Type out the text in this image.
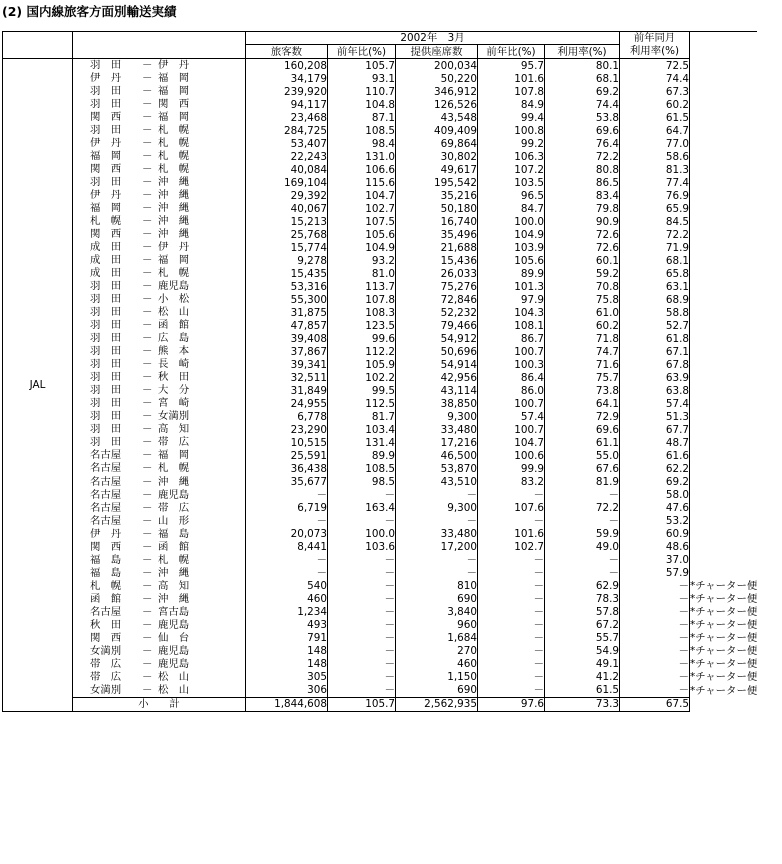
(2) 国内線旅客方面別輸送実績
		2002年　3月					前年同月	
		旅客数	前年比(%)	提供座席数	前年比(%)	利用率(%)	利用率(%)	
JAL	羽　田 － 伊　丹	160,208	105.7	200,034	95.7	80.1	72.5	

伊　丹 － 福　岡	34,179	93.1	50,220	101.6	68.1	74.4	

羽　田 － 福　岡	239,920	110.7	346,912	107.8	69.2	67.3	

羽　田 － 関　西	94,117	104.8	126,526	84.9	74.4	60.2	

関　西 － 福　岡	23,468	87.1	43,548	99.4	53.8	61.5	

羽　田 － 札　幌	284,725	108.5	409,409	100.8	69.6	64.7	

伊　丹 － 札　幌	53,407	98.4	69,864	99.2	76.4	77.0	

福　岡 － 札　幌	22,243	131.0	30,802	106.3	72.2	58.6	

関　西 － 札　幌	40,084	106.6	49,617	107.2	80.8	81.3	

羽　田 － 沖　縄	169,104	115.6	195,542	103.5	86.5	77.4	

伊　丹 － 沖　縄	29,392	104.7	35,216	96.5	83.4	76.9	

福　岡 － 沖　縄	40,067	102.7	50,180	84.7	79.8	65.9	

札　幌 － 沖　縄	15,213	107.5	16,740	100.0	90.9	84.5	

関　西 － 沖　縄	25,768	105.6	35,496	104.9	72.6	72.2	

成　田 － 伊　丹	15,774	104.9	21,688	103.9	72.6	71.9	

成　田 － 福　岡	9,278	93.2	15,436	105.6	60.1	68.1	

成　田 － 札　幌	15,435	81.0	26,033	89.9	59.2	65.8	

羽　田 － 鹿児島	53,316	113.7	75,276	101.3	70.8	63.1	

羽　田 － 小　松	55,300	107.8	72,846	97.9	75.8	68.9	

羽　田 － 松　山	31,875	108.3	52,232	104.3	61.0	58.8	

羽　田 － 函　館	47,857	123.5	79,466	108.1	60.2	52.7	

羽　田 － 広　島	39,408	99.6	54,912	86.7	71.8	61.8	

羽　田 － 熊　本	37,867	112.2	50,696	100.7	74.7	67.1	

羽　田 － 長　崎	39,341	105.9	54,914	100.3	71.6	67.8	

羽　田 － 秋　田	32,511	102.2	42,956	86.4	75.7	63.9	

羽　田 － 大　分	31,849	99.5	43,114	86.0	73.8	63.8	

羽　田 － 宮　崎	24,955	112.5	38,850	100.7	64.1	57.4	

羽　田 － 女満別	6,778	81.7	9,300	57.4	72.9	51.3	

羽　田 － 高　知	23,290	103.4	33,480	100.7	69.6	67.7	

羽　田 － 帯　広	10,515	131.4	17,216	104.7	61.1	48.7	

名古屋 － 福　岡	25,591	89.9	46,500	100.6	55.0	61.6	

名古屋 － 札　幌	36,438	108.5	53,870	99.9	67.6	62.2	

名古屋 － 沖　縄	35,677	98.5	43,510	83.2	81.9	69.2	

名古屋 － 鹿児島	－	－	－	－	－	58.0	

名古屋 － 帯　広	6,719	163.4	9,300	107.6	72.2	47.6	

名古屋 － 山　形	－	－	－	－	－	53.2	

伊　丹 － 福　島	20,073	100.0	33,480	101.6	59.9	60.9	

関　西 － 函　館	8,441	103.6	17,200	102.7	49.0	48.6	

福　島 － 札　幌	－	－	－	－	－	37.0	

福　島 － 沖　縄	－	－	－	－	－	57.9	

札　幌 － 高　知	540	－	810	－	62.9	－	*チャーター便

函　館 － 沖　縄	460	－	690	－	78.3	－	*チャーター便

名古屋 － 宮古島	1,234	－	3,840	－	57.8	－	*チャーター便

秋　田 － 鹿児島	493	－	960	－	67.2	－	*チャーター便

関　西 － 仙　台	791	－	1,684	－	55.7	－	*チャーター便

女満別 － 鹿児島	148	－	270	－	54.9	－	*チャーター便

帯　広 － 鹿児島	148	－	460	－	49.1	－	*チャーター便

帯　広 － 松　山	305	－	1,150	－	41.2	－	*チャーター便

女満別 － 松　山	306	－	690	－	61.5	－	*チャーター便
	小　　計	1,844,608	105.7	2,562,935	97.6	73.3	67.5	
